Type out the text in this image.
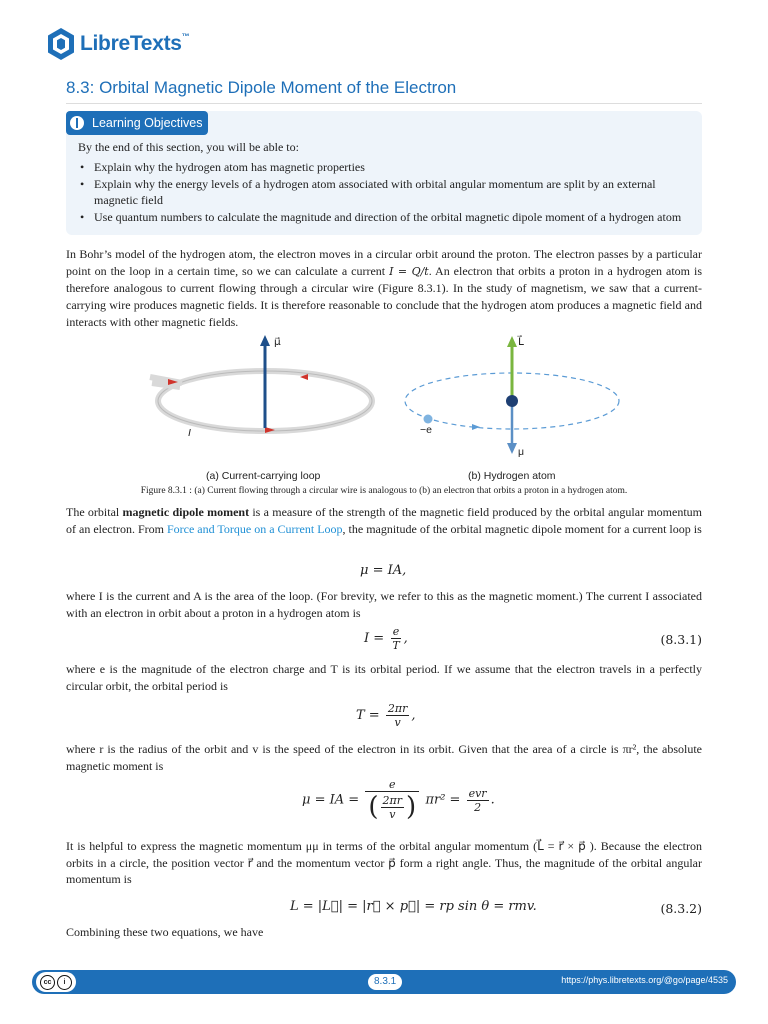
LibreTexts™
8.3: Orbital Magnetic Dipole Moment of the Electron
Learning Objectives
By the end of this section, you will be able to:
• Explain why the hydrogen atom has magnetic properties
• Explain why the energy levels of a hydrogen atom associated with orbital angular momentum are split by an external magnetic field
• Use quantum numbers to calculate the magnitude and direction of the orbital magnetic dipole moment of a hydrogen atom
In Bohr’s model of the hydrogen atom, the electron moves in a circular orbit around the proton. The electron passes by a particular point on the loop in a certain time, so we can calculate a current I = Q/t. An electron that orbits a proton in a hydrogen atom is therefore analogous to current flowing through a circular wire (Figure 8.3.1). In the study of magnetism, we saw that a current-carrying wire produces magnetic fields. It is therefore reasonable to conclude that the hydrogen atom produces a magnetic field and interacts with other magnetic fields.
μ⃗	L⃗
μ
I	−e
(a) Current-carrying loop	(b) Hydrogen atom
Figure 8.3.1 : (a) Current flowing through a circular wire is analogous to (b) an electron that orbits a proton in a hydrogen atom.
The orbital magnetic dipole moment is a measure of the strength of the magnetic field produced by the orbital angular momentum of an electron. From Force and Torque on a Current Loop, the magnitude of the orbital magnetic dipole moment for a current loop is
μ = IA,
where I is the current and A is the area of the loop. (For brevity, we refer to this as the magnetic moment.) The current I associated with an electron in orbit about a proton in a hydrogen atom is
$I = \frac{e}{T}$ ,	(8.3.1)
where e is the magnitude of the electron charge and T is its orbital period. If we assume that the electron travels in a perfectly circular orbit, the orbital period is
$T = \frac{2\pi r}{v}$ ,
where r is the radius of the orbit and v is the speed of the electron in its orbit. Given that the area of a circle is πr², the absolute magnetic moment is
μ = IA = $\frac{e}{( \frac{2\pi r}{v} )} \pi r^2 = \frac{\text{evr}}{2}$ .
It is helpful to express the magnetic momentum μμ in terms of the orbital angular momentum (L⃗ = r⃗ × p⃗ ). Because the electron orbits in a circle, the position vector r⃗ and the momentum vector p⃗ form a right angle. Thus, the magnitude of the orbital angular momentum is
L = |L⃗| = |r⃗ × p⃗| = rp sin θ = rmv.	(8.3.2)
Combining these two equations, we have
cc	i	8.3.1	https://phys.libretexts.org/@go/page/4535
